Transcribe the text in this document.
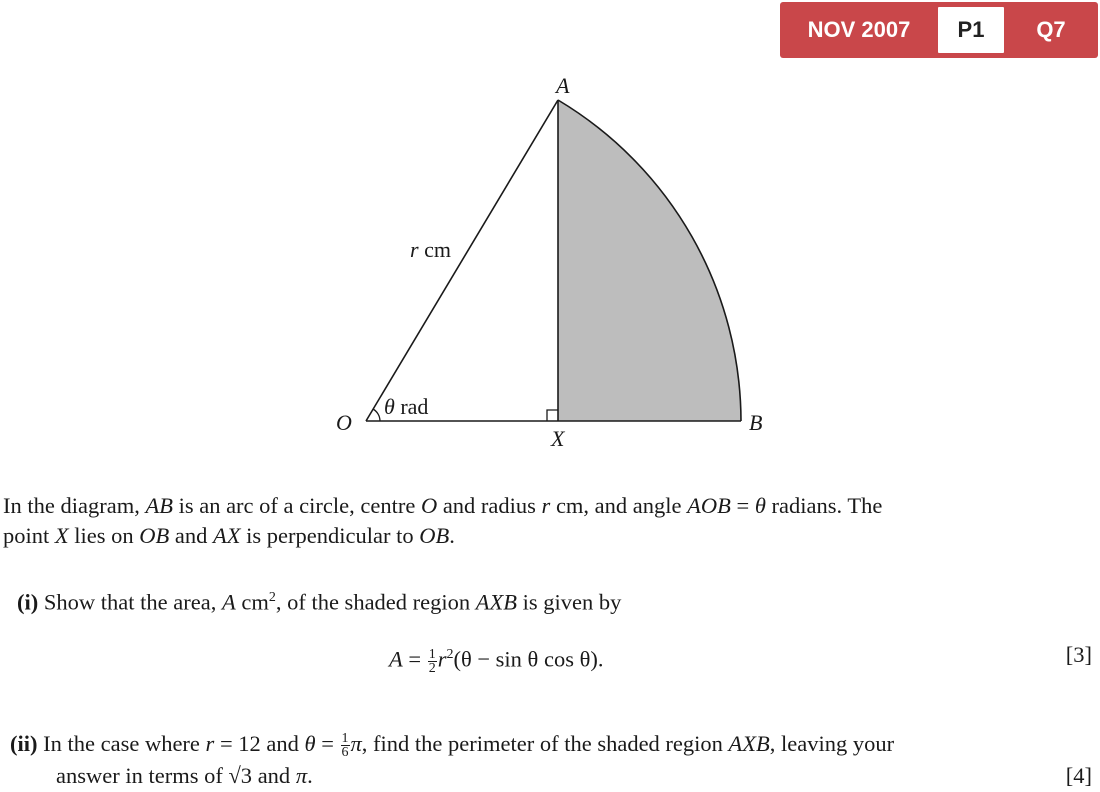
NOV 2007	P1	Q7
A
B
O
X
r cm
θ rad
In the diagram, AB is an arc of a circle, centre O and radius r cm, and angle AOB = θ radians. The
point X lies on OB and AX is perpendicular to OB.
(i) Show that the area, A $cm^2$, of the shaded region AXB is given by
$A = \frac{1}{2} r^2(\theta - \sin \theta$ cos θ).	[3]
(ii) In the case where r = 12 and $\theta = \frac{1}{6} \pi$, find the perimeter of the shaded region AXB, leaving your
answer in terms of √3 and π.	[4]
